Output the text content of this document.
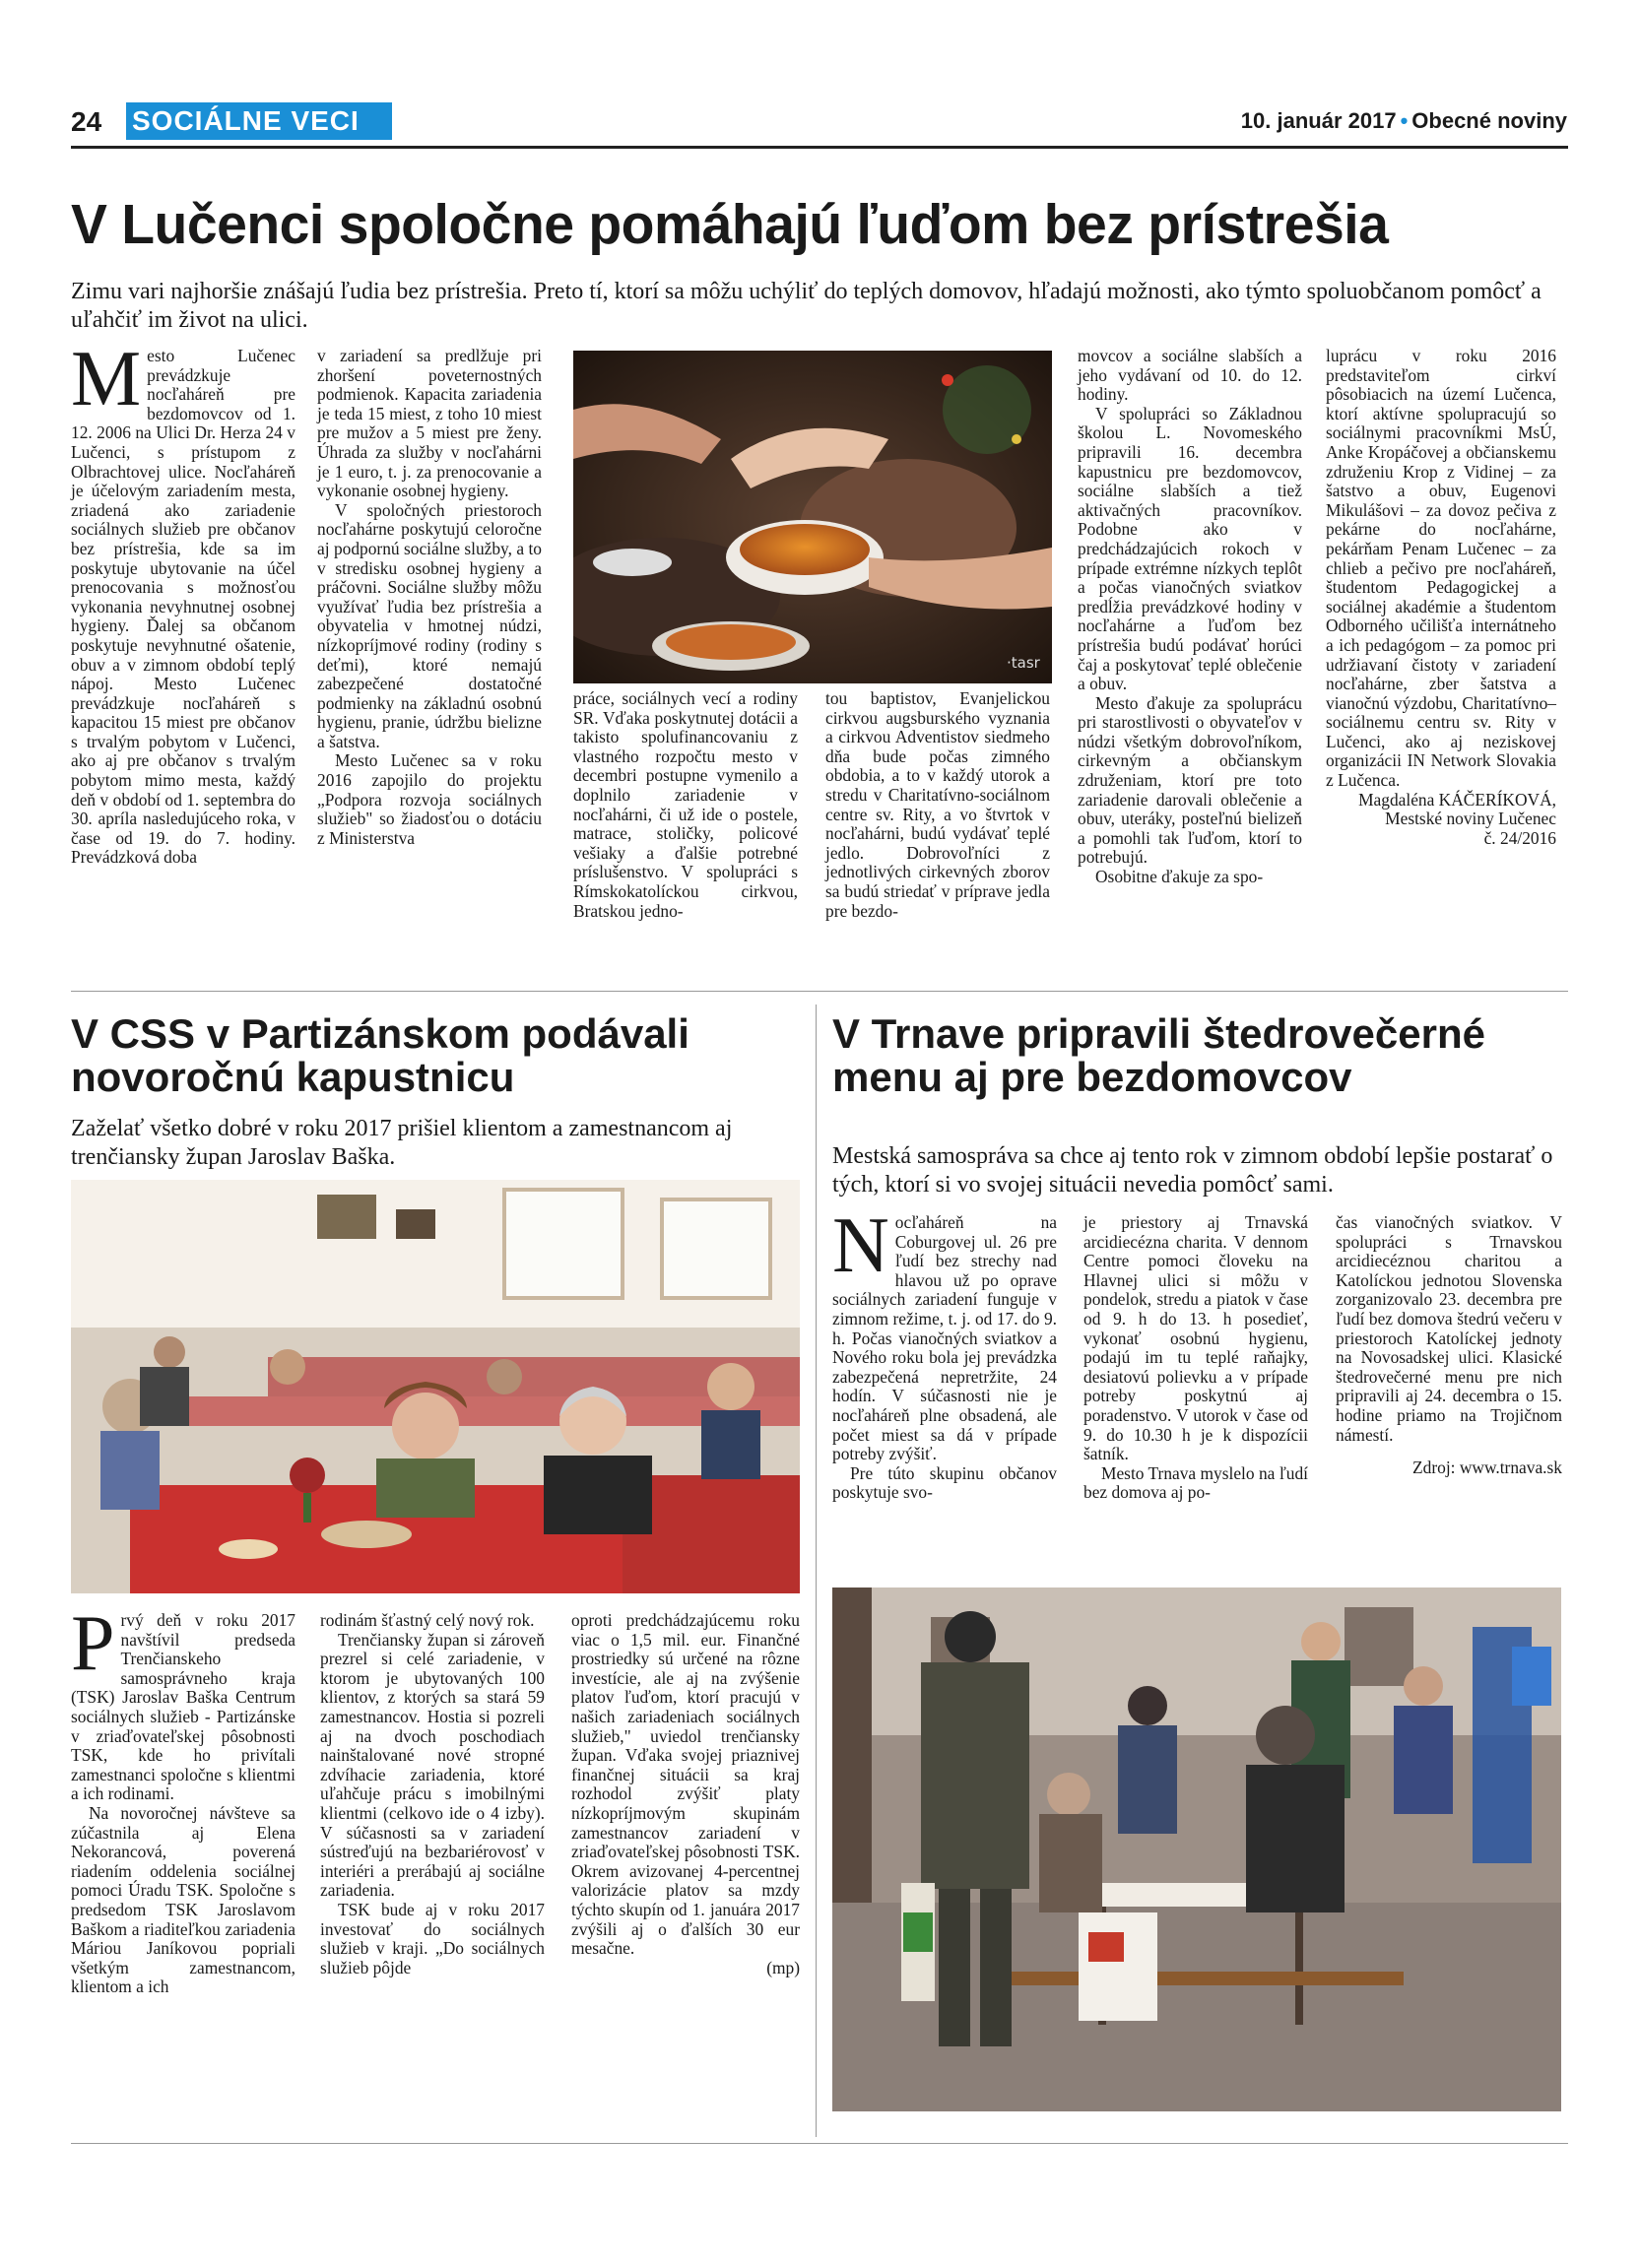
24 SOCIÁLNE VECI	10. január 2017 • Obecné noviny
V Lučenci spoločne pomáhajú ľuďom bez prístrešia
Zimu vari najhoršie znášajú ľudia bez prístrešia. Preto tí, ktorí sa môžu uchýliť do teplých domovov, hľadajú možnosti, ako týmto spoluobčanom pomôcť a uľahčiť im život na ulici.

Mesto Lučenec prevádzkuje nocľaháreň pre bezdomovcov od 1. 12. 2006 na Ulici Dr. Herza 24 v Lučenci, s prístupom z Olbrachtovej ulice. Nocľaháreň je účelovým zariadením mesta, zriadená ako zariadenie sociálnych služieb pre občanov bez prístrešia, kde sa im poskytuje ubytovanie na účel prenocovania s možnosťou vykonania nevyhnutnej osobnej hygieny. Ďalej sa občanom poskytuje nevyhnutné ošatenie, obuv a v zimnom období teplý nápoj. Mesto Lučenec prevádzkuje nocľaháreň s kapacitou 15 miest pre občanov s trvalým pobytom v Lučenci, ako aj pre občanov s trvalým pobytom mimo mesta, každý deň v období od 1. septembra do 30. apríla nasledujúceho roka, v čase od 19. do 7. hodiny. Prevádzková doba

v zariadení sa predlžuje pri zhoršení poveternostných podmienok. Kapacita zariadenia je teda 15 miest, z toho 10 miest pre mužov a 5 miest pre ženy. Úhrada za služby v nocľahárni je 1 euro, t. j. za prenocovanie a vykonanie osobnej hygieny.

V spoločných priestoroch nocľahárne poskytujú celoročne aj podpornú sociálne služby, a to v stredisku osobnej hygieny a práčovni. Sociálne služby môžu využívať ľudia bez prístrešia a obyvatelia v hmotnej núdzi, nízkopríjmové rodiny (rodiny s deťmi), ktoré nemajú zabezpečené dostatočné podmienky na základnú osobnú hygienu, pranie, údržbu bielizne a šatstva.

Mesto Lučenec sa v roku 2016 zapojilo do projektu „Podpora rozvoja sociálnych služieb" so žiadosťou o dotáciu z Ministerstva

·tasr

práce, sociálnych vecí a rodiny SR. Vďaka poskytnutej dotácii a takisto spolufinancovaniu z vlastného rozpočtu mesto v decembri postupne vymenilo a doplnilo zariadenie v nocľahárni, či už ide o postele, matrace, stoličky, policové vešiaky a ďalšie potrebné príslušenstvo. V spolupráci s Rímskokatolíckou cirkvou, Bratskou jedno-

tou baptistov, Evanjelickou cirkvou augsburského vyznania a cirkvou Adventistov siedmeho dňa bude počas zimného obdobia, a to v každý utorok a stredu v Charitatívno-sociálnom centre sv. Rity, a vo štvrtok v nocľahárni, budú vydávať teplé jedlo. Dobrovoľníci z jednotlivých cirkevných zborov sa budú striedať v príprave jedla pre bezdo-

movcov a sociálne slabších a jeho vydávaní od 10. do 12. hodiny.

V spolupráci so Základnou školou L. Novomeského pripravili 16. decembra kapustnicu pre bezdomovcov, sociálne slabších a tiež aktivačných pracovníkov. Podobne ako v predchádzajúcich rokoch v prípade extrémne nízkych teplôt a počas vianočných sviatkov predĺžia prevádzkové hodiny v nocľahárne a ľuďom bez prístrešia budú podávať horúci čaj a poskytovať teplé oblečenie a obuv.

Mesto ďakuje za spoluprácu pri starostlivosti o obyvateľov v núdzi všetkým dobrovoľníkom, cirkevným a občianskym združeniam, ktorí pre toto zariadenie darovali oblečenie a obuv, uteráky, posteľnú bielizeň a pomohli tak ľuďom, ktorí to potrebujú.

Osobitne ďakuje za spo-

luprácu v roku 2016 predstaviteľom cirkví pôsobiacich na území Lučenca, ktorí aktívne spolupracujú so sociálnymi pracovníkmi MsÚ, Anke Kropáčovej a občianskemu združeniu Krop z Vidinej – za šatstvo a obuv, Eugenovi Mikulášovi – za dovoz pečiva z pekárne do nocľahárne, pekárňam Penam Lučenec – za chlieb a pečivo pre nocľaháreň, študentom Pedagogickej a sociálnej akadémie a študentom Odborného učilišťa internátneho a ich pedagógom – za pomoc pri udržiavaní čistoty v zariadení nocľahárne, zber šatstva a vianočnú výzdobu, Charitatívno–sociálnemu centru sv. Rity v Lučenci, ako aj neziskovej organizácii IN Network Slovakia z Lučenca.

Magdaléna KÁČERÍKOVÁ,

Mestské noviny Lučenec

č. 24/2016

V CSS v Partizánskom podávali novoročnú kapustnicu
Zaželať všetko dobré v roku 2017 prišiel klientom a zamestnancom aj trenčiansky župan Jaroslav Baška.

Prvý deň v roku 2017 navštívil predseda Trenčianskeho samosprávneho kraja (TSK) Jaroslav Baška Centrum sociálnych služieb - Partizánske v zriaďovateľskej pôsobnosti TSK, kde ho privítali zamestnanci spoločne s klientmi a ich rodinami.

Na novoročnej návšteve sa zúčastnila aj Elena Nekorancová, poverená riadením oddelenia sociálnej pomoci Úradu TSK. Spoločne s predsedom TSK Jaroslavom Baškom a riaditeľkou zariadenia Máriou Janíkovou popriali všetkým zamestnancom, klientom a ich

rodinám šťastný celý nový rok.

Trenčiansky župan si zároveň prezrel si celé zariadenie, v ktorom je ubytovaných 100 klientov, z ktorých sa stará 59 zamestnancov. Hostia si pozreli aj na dvoch poschodiach nainštalované nové stropné zdvíhacie zariadenia, ktoré uľahčuje prácu s imobilnými klientmi (celkovo ide o 4 izby). V súčasnosti sa v zariadení sústreďujú na bezbariérovosť v interiéri a prerábajú aj sociálne zariadenia.

TSK bude aj v roku 2017 investovať do sociálnych služieb v kraji. „Do sociálnych služieb pôjde

oproti predchádzajúcemu roku viac o 1,5 mil. eur. Finančné prostriedky sú určené na rôzne investície, ale aj na zvýšenie platov ľuďom, ktorí pracujú v našich zariadeniach sociálnych služieb," uviedol trenčiansky župan. Vďaka svojej priaznivej finančnej situácii sa kraj rozhodol zvýšiť platy nízkopríjmovým skupinám zamestnancov zariadení v zriaďovateľskej pôsobnosti TSK. Okrem avizovanej 4-percentnej valorizácie platov sa mzdy týchto skupín od 1. januára 2017 zvýšili aj o ďalších 30 eur mesačne.

(mp)

V Trnave pripravili štedrovečerné menu aj pre bezdomovcov
Mestská samospráva sa chce aj tento rok v zimnom období lepšie postarať o tých, ktorí si vo svojej situácii nevedia pomôcť sami.

Nocľaháreň na Coburgovej ul. 26 pre ľudí bez strechy nad hlavou už po oprave sociálnych zariadení funguje v zimnom režime, t. j. od 17. do 9. h. Počas vianočných sviatkov a Nového roku bola jej prevádzka zabezpečená nepretržite, 24 hodín. V súčasnosti nie je nocľaháreň plne obsadená, ale počet miest sa dá v prípade potreby zvýšiť.

Pre túto skupinu občanov poskytuje svo-

je priestory aj Trnavská arcidiecézna charita. V dennom Centre pomoci človeku na Hlavnej ulici si môžu v pondelok, stredu a piatok v čase od 9. h do 13. h posedieť, vykonať osobnú hygienu, podajú im tu teplé raňajky, desiatovú polievku a v prípade potreby poskytnú aj poradenstvo. V utorok v čase od 9. do 10.30 h je k dispozícii šatník.

Mesto Trnava myslelo na ľudí bez domova aj po-

čas vianočných sviatkov. V spolupráci s Trnavskou arcidiecéznou charitou a Katolíckou jednotou Slovenska zorganizovalo 23. decembra pre ľudí bez domova štedrú večeru v priestoroch Katolíckej jednoty na Novosadskej ulici. Klasické štedrovečerné menu pre nich pripravili aj 24. decembra o 15. hodine priamo na Trojičnom námestí.

Zdroj: www.trnava.sk
